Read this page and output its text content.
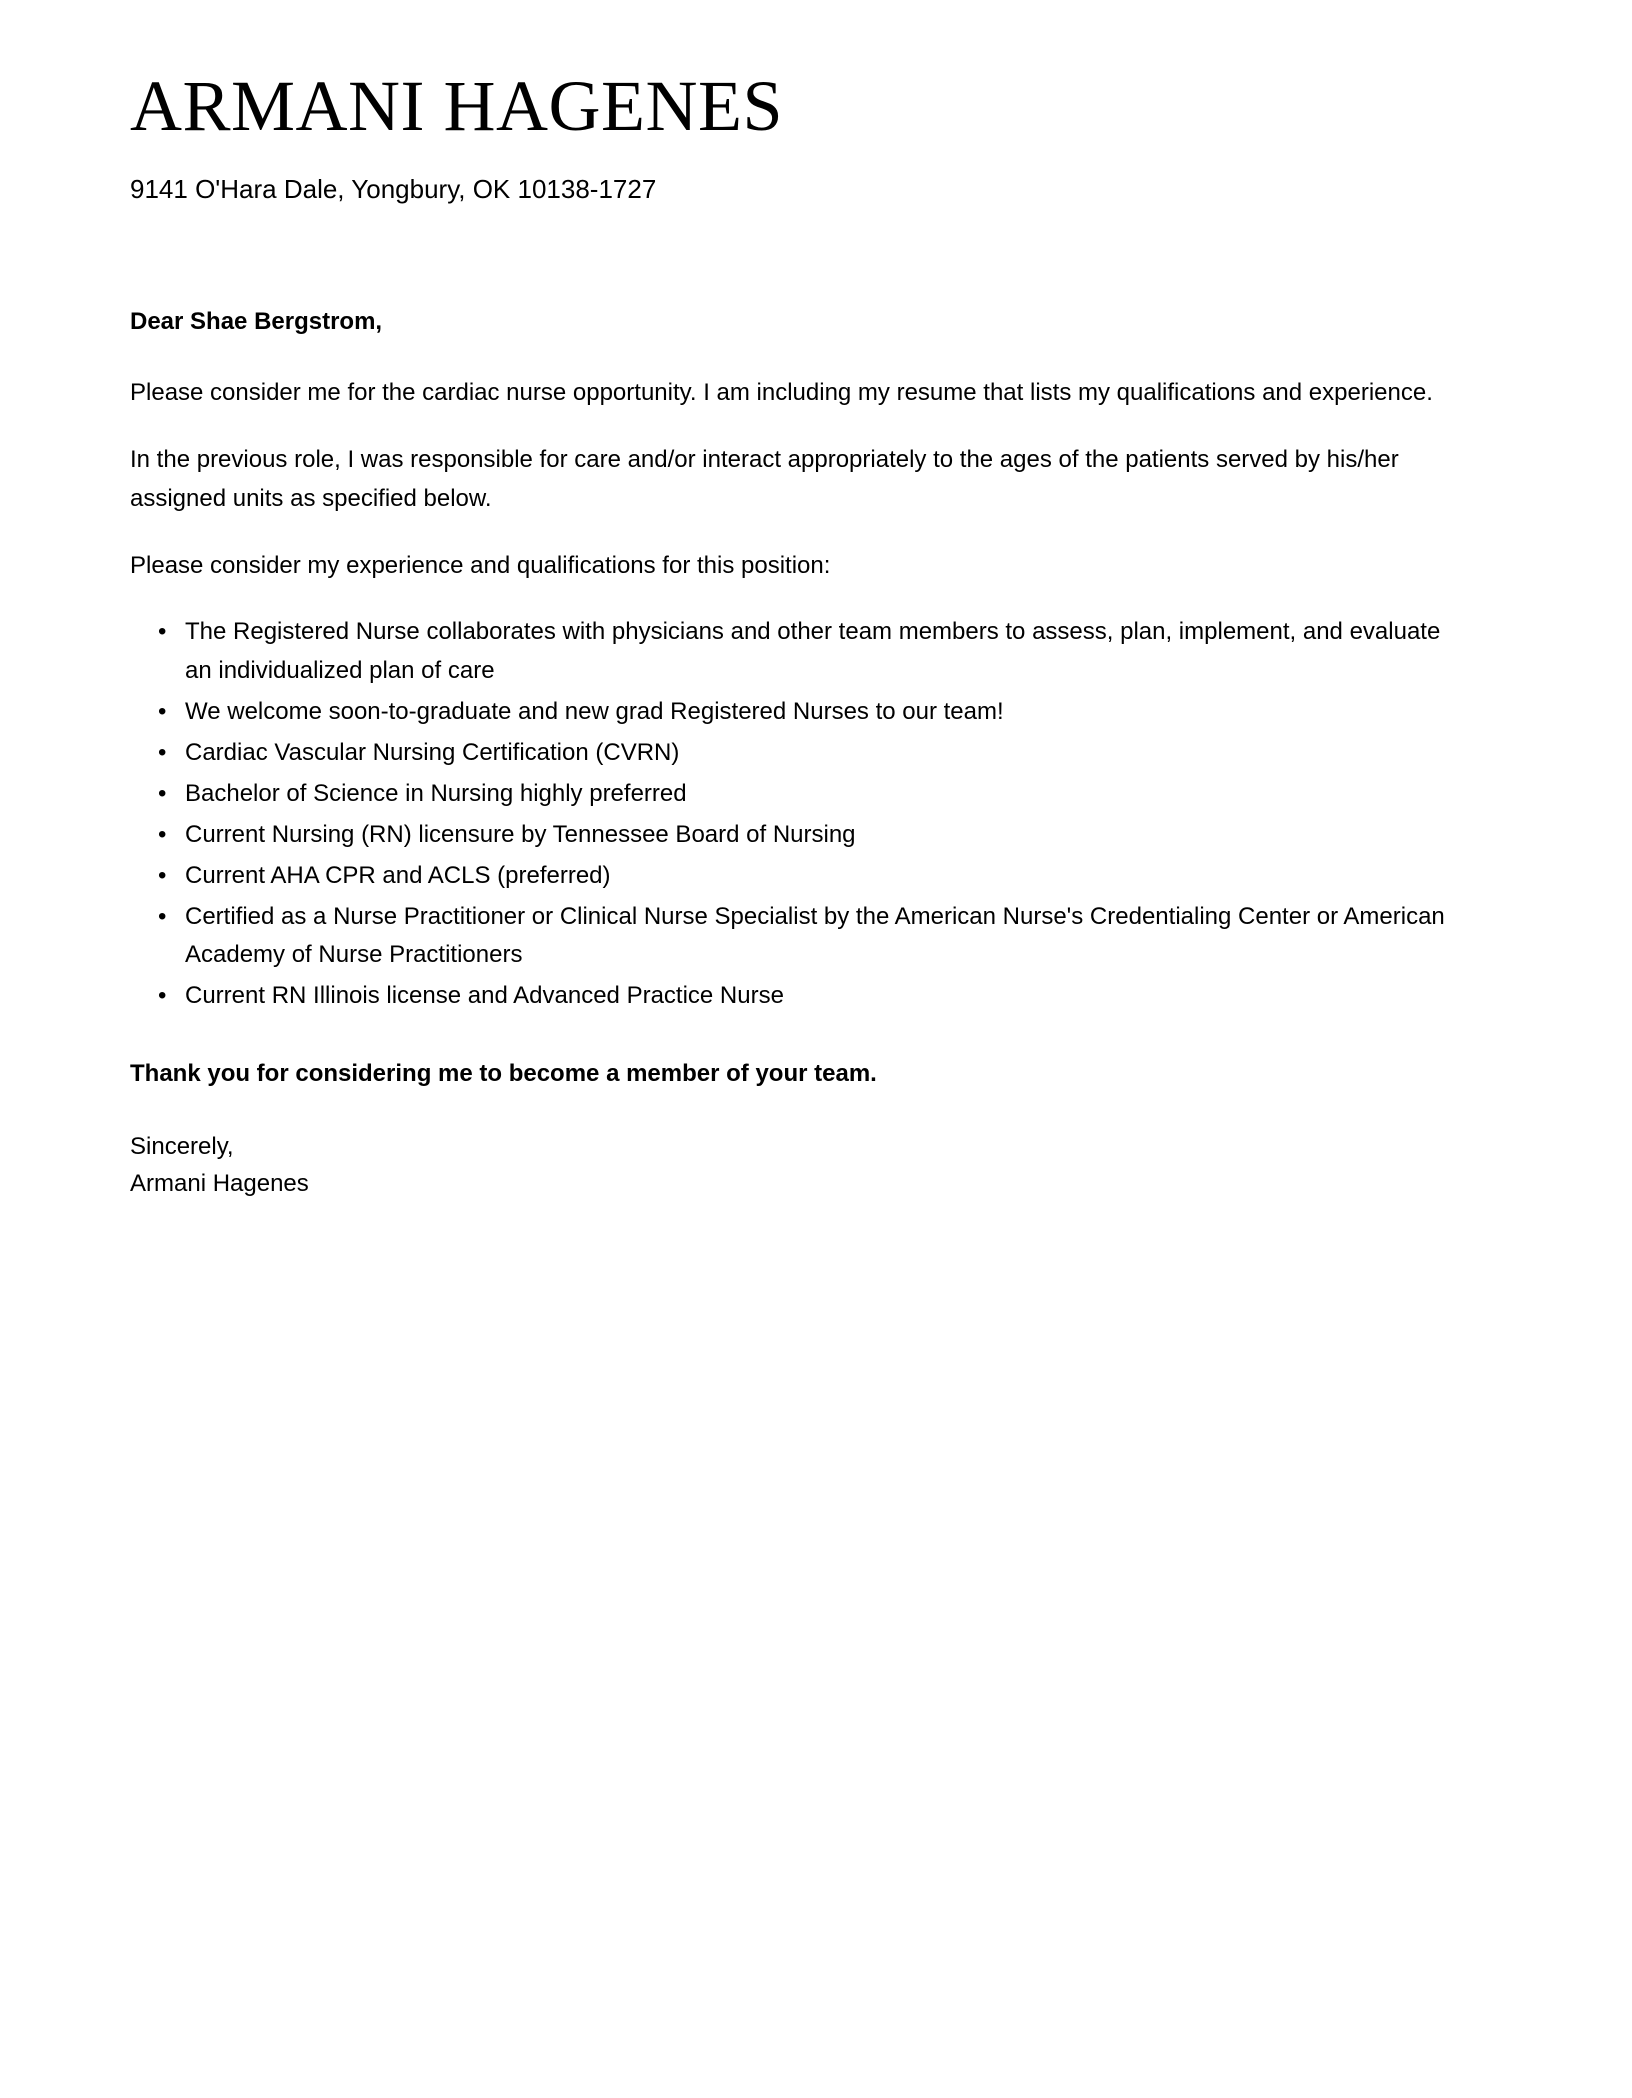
ARMANI HAGENES
9141 O'Hara Dale, Yongbury, OK 10138-1727
Dear Shae Bergstrom,

Please consider me for the cardiac nurse opportunity. I am including my resume that lists my qualifications and experience.

In the previous role, I was responsible for care and/or interact appropriately to the ages of the patients served by his/her assigned units as specified below.

Please consider my experience and qualifications for this position:

• The Registered Nurse collaborates with physicians and other team members to assess, plan, implement, and evaluate an individualized plan of care
• We welcome soon-to-graduate and new grad Registered Nurses to our team!
• Cardiac Vascular Nursing Certification (CVRN)
• Bachelor of Science in Nursing highly preferred
• Current Nursing (RN) licensure by Tennessee Board of Nursing
• Current AHA CPR and ACLS (preferred)
• Certified as a Nurse Practitioner or Clinical Nurse Specialist by the American Nurse's Credentialing Center or American Academy of Nurse Practitioners
• Current RN Illinois license and Advanced Practice Nurse
Thank you for considering me to become a member of your team.
Sincerely,
Armani Hagenes
